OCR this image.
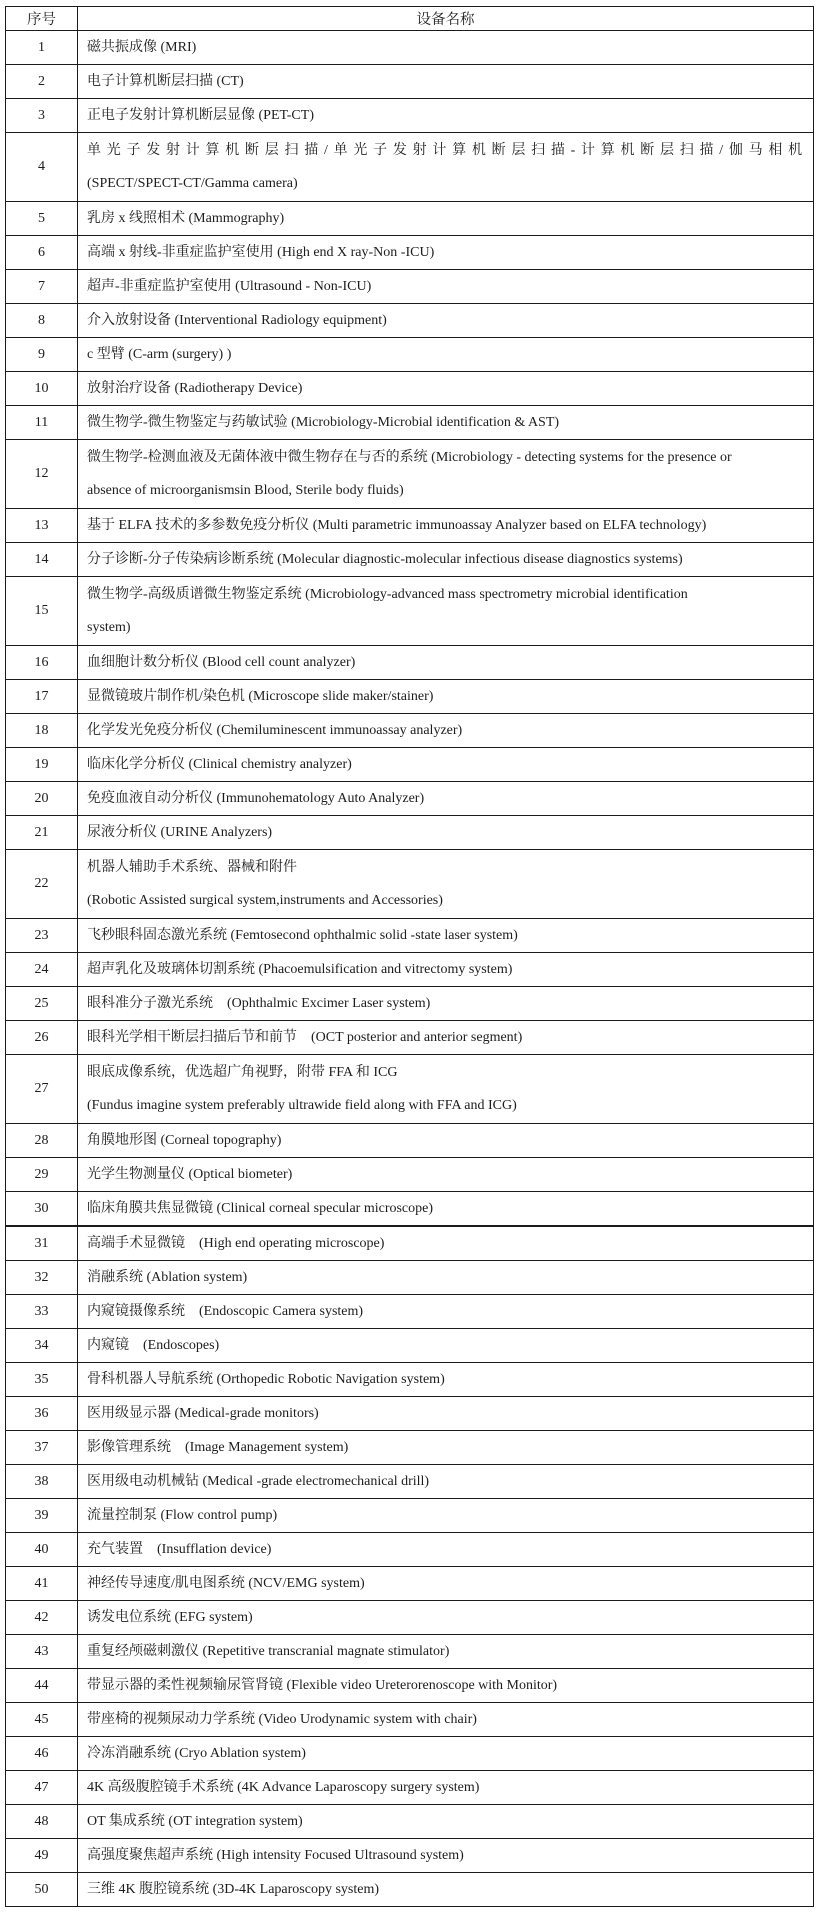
序号	设备名称
1	磁共振成像 (MRI)

2	电子计算机断层扫描 (CT)

3	正电子发射计算机断层显像 (PET-CT)

4	单光子发射计算机断层扫描/单光子发射计算机断层扫描-计算机断层扫描/伽马相机
(SPECT/SPECT-CT/Gamma camera)

5	乳房 x 线照相术 (Mammography)

6	高端 x 射线-非重症监护室使用 (High end X ray-Non -ICU)

7	超声-非重症监护室使用 (Ultrasound - Non-ICU)

8	介入放射设备 (Interventional Radiology equipment)

9	c 型臂 (C-arm (surgery) )

10	放射治疗设备 (Radiotherapy Device)

11	微生物学-微生物鉴定与药敏试验 (Microbiology-Microbial identification & AST)

12	微生物学-检测血液及无菌体液中微生物存在与否的系统 (Microbiology - detecting systems for the presence or
absence of microorganismsin Blood, Sterile body fluids)

13	基于 ELFA 技术的多参数免疫分析仪 (Multi parametric immunoassay Analyzer based on ELFA technology)

14	分子诊断-分子传染病诊断系统 (Molecular diagnostic-molecular infectious disease diagnostics systems)

15	微生物学-高级质谱微生物鉴定系统 (Microbiology-advanced mass spectrometry microbial identification
system)

16	血细胞计数分析仪 (Blood cell count analyzer)

17	显微镜玻片制作机/染色机 (Microscope slide maker/stainer)

18	化学发光免疫分析仪 (Chemiluminescent immunoassay analyzer)

19	临床化学分析仪 (Clinical chemistry analyzer)

20	免疫血液自动分析仪 (Immunohematology Auto Analyzer)

21	尿液分析仪 (URINE Analyzers)

22	机器人辅助手术系统、器械和附件
(Robotic Assisted surgical system,instruments and Accessories)

23	飞秒眼科固态激光系统 (Femtosecond ophthalmic solid -state laser system)

24	超声乳化及玻璃体切割系统 (Phacoemulsification and vitrectomy system)

25	眼科准分子激光系统　(Ophthalmic Excimer Laser system)

26	眼科光学相干断层扫描后节和前节　(OCT posterior and anterior segment)

27	眼底成像系统，优选超广角视野，附带 FFA 和 ICG
(Fundus imagine system preferably ultrawide field along with FFA and ICG)

28	角膜地形图 (Corneal topography)

29	光学生物测量仪 (Optical biometer)

30	临床角膜共焦显微镜 (Clinical corneal specular microscope)

31	高端手术显微镜　(High end operating microscope)

32	消融系统 (Ablation system)

33	内窥镜摄像系统　(Endoscopic Camera system)

34	内窥镜　(Endoscopes)

35	骨科机器人导航系统 (Orthopedic Robotic Navigation system)

36	医用级显示器 (Medical-grade monitors)

37	影像管理系统　(Image Management system)

38	医用级电动机械钻 (Medical -grade electromechanical drill)

39	流量控制泵 (Flow control pump)

40	充气装置　(Insufflation device)

41	神经传导速度/肌电图系统 (NCV/EMG system)

42	诱发电位系统 (EFG system)

43	重复经颅磁刺激仪 (Repetitive transcranial magnate stimulator)

44	带显示器的柔性视频输尿管肾镜 (Flexible video Ureterorenoscope with Monitor)

45	带座椅的视频尿动力学系统 (Video Urodynamic system with chair)

46	冷冻消融系统 (Cryo Ablation system)

47	4K 高级腹腔镜手术系统 (4K Advance Laparoscopy surgery system)

48	OT 集成系统 (OT integration system)

49	高强度聚焦超声系统 (High intensity Focused Ultrasound system)

50	三维 4K 腹腔镜系统 (3D-4K Laparoscopy system)
